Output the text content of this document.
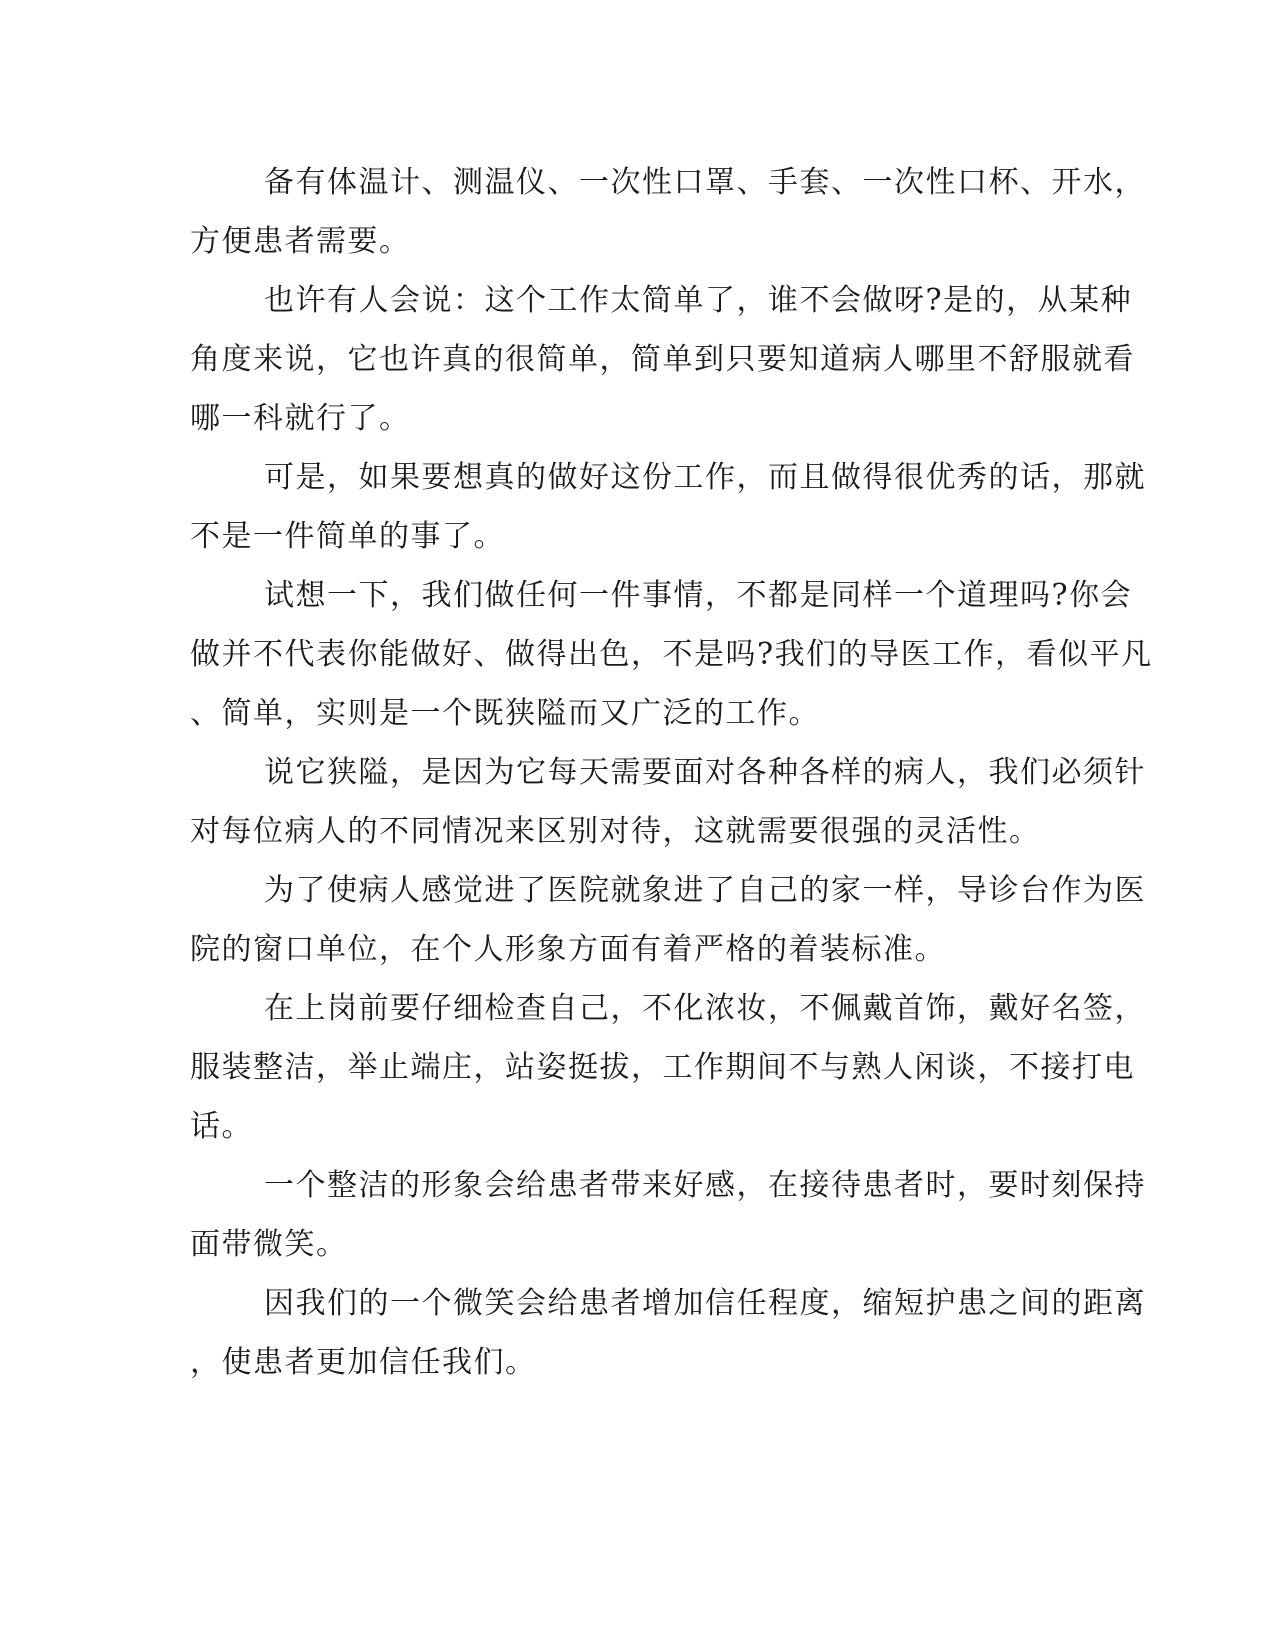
备有体温计、测温仪、一次性口罩、手套、一次性口杯、开水，
方便患者需要。
也许有人会说：这个工作太简单了，谁不会做呀?是的，从某种
角度来说，它也许真的很简单，简单到只要知道病人哪里不舒服就看
哪一科就行了。
可是，如果要想真的做好这份工作，而且做得很优秀的话，那就
不是一件简单的事了。
试想一下，我们做任何一件事情，不都是同样一个道理吗?你会
做并不代表你能做好、做得出色，不是吗?我们的导医工作，看似平凡
、简单，实则是一个既狭隘而又广泛的工作。
说它狭隘，是因为它每天需要面对各种各样的病人，我们必须针
对每位病人的不同情况来区别对待，这就需要很强的灵活性。
为了使病人感觉进了医院就象进了自己的家一样，导诊台作为医
院的窗口单位，在个人形象方面有着严格的着装标准。
在上岗前要仔细检查自己，不化浓妆，不佩戴首饰，戴好名签，
服装整洁，举止端庄，站姿挺拔，工作期间不与熟人闲谈，不接打电
话。
一个整洁的形象会给患者带来好感，在接待患者时，要时刻保持
面带微笑。
因我们的一个微笑会给患者增加信任程度，缩短护患之间的距离
，使患者更加信任我们。
